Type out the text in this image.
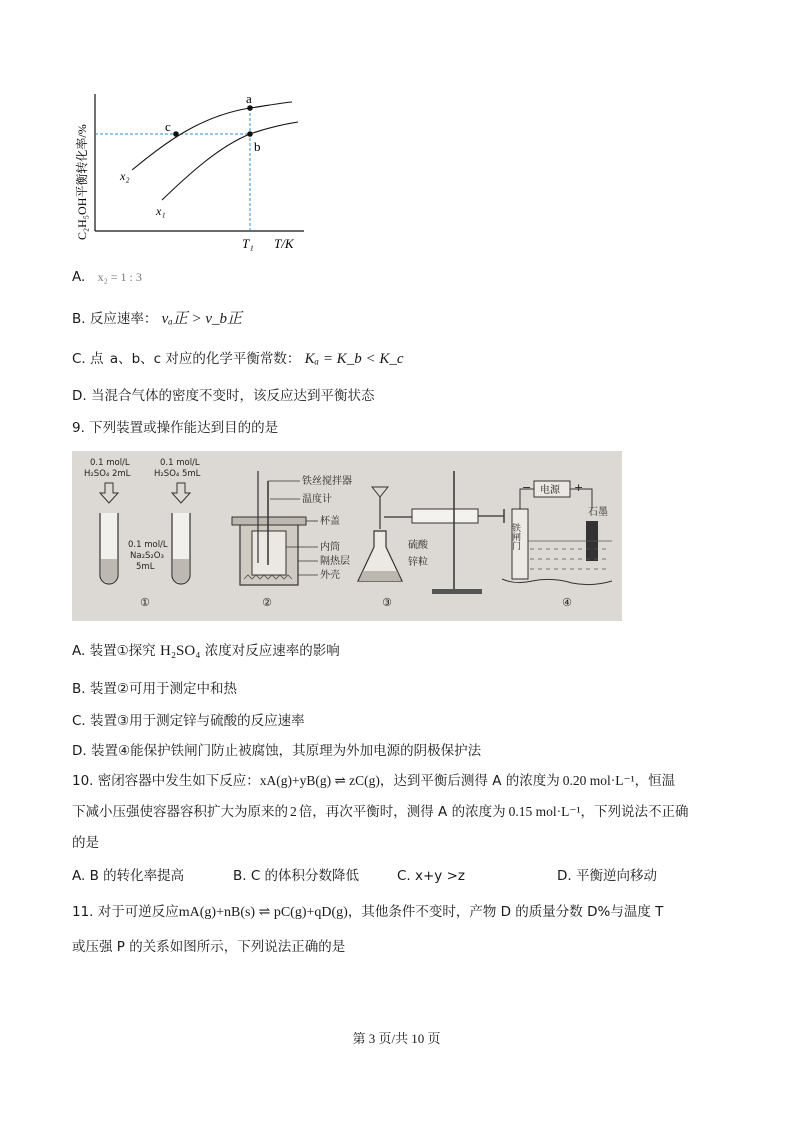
a
b
c
x₂
x₁
T₁ T/K
C₂H₅OH平衡转化率/%
A. x₂ = 1 : 3
B. 反应速率： vₐ正 > v_b正
C. 点 a、b、c 对应的化学平衡常数： Kₐ = K_b < K_c
D. 当混合气体的密度不变时，该反应达到平衡状态
9. 下列装置或操作能达到目的的是
0.1 mol/L
H₂SO₄ 2mL
0.1 mol/L
H₂SO₄ 5mL
0.1 mol/L
Na₂S₂O₃
5mL
①
铁丝搅拌器
温度计
杯盖
内筒
隔热层
外壳
②
硫酸
锌粒
③
电源
−	+
铁闸门
石墨
④
A. 装置①探究 H₂SO₄ 浓度对反应速率的影响
B. 装置②可用于测定中和热
C. 装置③用于测定锌与硫酸的反应速率
D. 装置④能保护铁闸门防止被腐蚀，其原理为外加电源的阴极保护法
10. 密闭容器中发生如下反应：xA(g)+yB(g) ⇌ zC(g)，达到平衡后测得 A 的浓度为 0.20 mol·L⁻¹，恒温
下减小压强使容器容积扩大为原来的 2 倍，再次平衡时，测得 A 的浓度为 0.15 mol·L⁻¹，下列说法不正确
的是
A. B 的转化率提高	B. C 的体积分数降低	C. x+y >z	D. 平衡逆向移动
11. 对于可逆反应mA(g)+nB(s) ⇌ pC(g)+qD(g)，其他条件不变时，产物 D 的质量分数 D%与温度 T
或压强 P 的关系如图所示，下列说法正确的是
第 3 页/共 10 页
